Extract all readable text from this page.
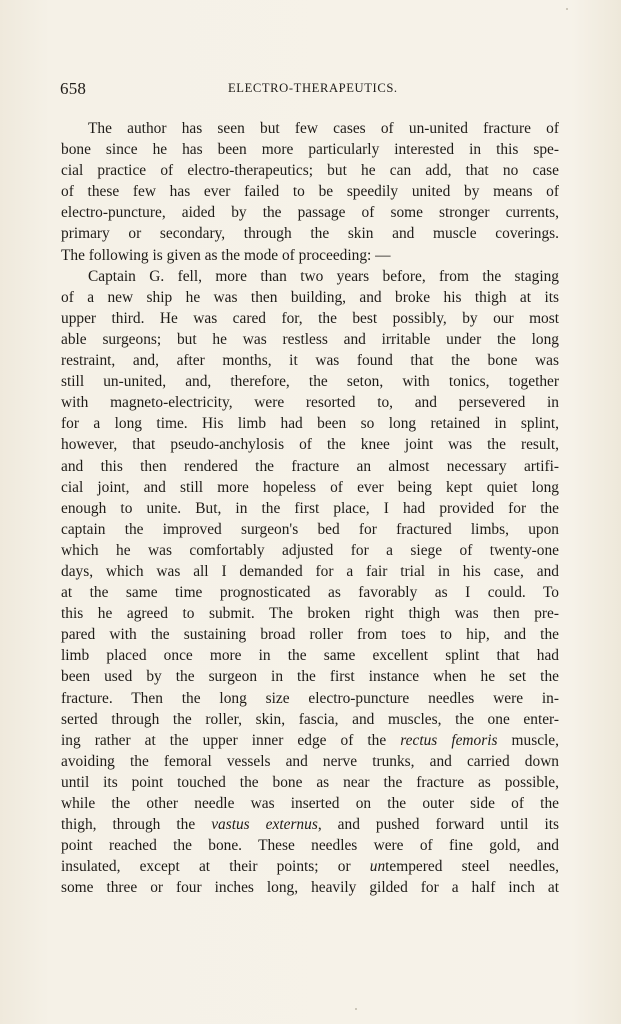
658	ELECTRO-THERAPEUTICS.
The author has seen but few cases of un-united fracture of
bone since he has been more particularly interested in this spe-
cial practice of electro-therapeutics; but he can add, that no case
of these few has ever failed to be speedily united by means of
electro-puncture, aided by the passage of some stronger currents,
primary or secondary, through the skin and muscle coverings.
The following is given as the mode of proceeding: —
Captain G. fell, more than two years before, from the staging
of a new ship he was then building, and broke his thigh at its
upper third. He was cared for, the best possibly, by our most
able surgeons; but he was restless and irritable under the long
restraint, and, after months, it was found that the bone was
still un-united, and, therefore, the seton, with tonics, together
with magneto-electricity, were resorted to, and persevered in
for a long time. His limb had been so long retained in splint,
however, that pseudo-anchylosis of the knee joint was the result,
and this then rendered the fracture an almost necessary artifi-
cial joint, and still more hopeless of ever being kept quiet long
enough to unite. But, in the first place, I had provided for the
captain the improved surgeon's bed for fractured limbs, upon
which he was comfortably adjusted for a siege of twenty-one
days, which was all I demanded for a fair trial in his case, and
at the same time prognosticated as favorably as I could. To
this he agreed to submit. The broken right thigh was then pre-
pared with the sustaining broad roller from toes to hip, and the
limb placed once more in the same excellent splint that had
been used by the surgeon in the first instance when he set the
fracture. Then the long size electro-puncture needles were in-
serted through the roller, skin, fascia, and muscles, the one enter-
ing rather at the upper inner edge of the rectus femoris muscle,
avoiding the femoral vessels and nerve trunks, and carried down
until its point touched the bone as near the fracture as possible,
while the other needle was inserted on the outer side of the
thigh, through the vastus externus, and pushed forward until its
point reached the bone. These needles were of fine gold, and
insulated, except at their points; or untempered steel needles,
some three or four inches long, heavily gilded for a half inch at
